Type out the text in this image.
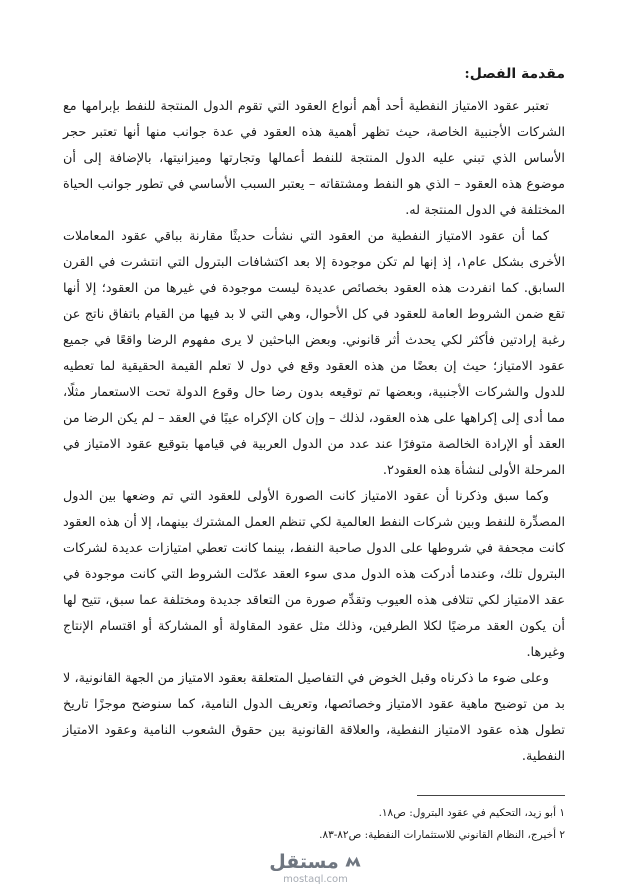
مقدمة الفصل:

تعتبر عقود الامتياز النفطية أحد أهم أنواع العقود التي تقوم الدول المنتجة للنفط بإبرامها مع الشركات الأجنبية الخاصة، حيث تظهر أهمية هذه العقود في عدة جوانب منها أنها تعتبر حجر الأساس الذي تبني عليه الدول المنتجة للنفط أعمالها وتجارتها وميزانيتها، بالإضافة إلى أن موضوع هذه العقود – الذي هو النفط ومشتقاته – يعتبر السبب الأساسي في تطور جوانب الحياة المختلفة في الدول المنتجة له.

كما أن عقود الامتياز النفطية من العقود التي نشأت حديثًا مقارنة بباقي عقود المعاملات الأخرى بشكل عام١، إذ إنها لم تكن موجودة إلا بعد اكتشافات البترول التي انتشرت في القرن السابق. كما انفردت هذه العقود بخصائص عديدة ليست موجودة في غيرها من العقود؛ إلا أنها تقع ضمن الشروط العامة للعقود في كل الأحوال، وهي التي لا بد فيها من القيام باتفاق ناتج عن رغبة إرادتين فأكثر لكي يحدث أثر قانوني. وبعض الباحثين لا يرى مفهوم الرضا واقعًا في جميع عقود الامتياز؛ حيث إن بعضًا من هذه العقود وقع في دول لا تعلم القيمة الحقيقية لما تعطيه للدول والشركات الأجنبية، وبعضها تم توقيعه بدون رضا حال وقوع الدولة تحت الاستعمار مثلًا، مما أدى إلى إكراهها على هذه العقود، لذلك – وإن كان الإكراه عيبًا في العقد – لم يكن الرضا من العقد أو الإرادة الخالصة متوفرًا عند عدد من الدول العربية في قيامها بتوقيع عقود الامتياز في المرحلة الأولى لنشأة هذه العقود٢.

وكما سبق وذكرنا أن عقود الامتياز كانت الصورة الأولى للعقود التي تم وضعها بين الدول المصدِّرة للنفط وبين شركات النفط العالمية لكي تنظم العمل المشترك بينهما، إلا أن هذه العقود كانت مجحفة في شروطها على الدول صاحبة النفط، بينما كانت تعطي امتيازات عديدة لشركات البترول تلك، وعندما أدركت هذه الدول مدى سوء العقد عدّلت الشروط التي كانت موجودة في عقد الامتياز لكي تتلافى هذه العيوب وتقدِّم صورة من التعاقد جديدة ومختلفة عما سبق، تتيح لها أن يكون العقد مرضيًا لكلا الطرفين، وذلك مثل عقود المقاولة أو المشاركة أو اقتسام الإنتاج وغيرها.

وعلى ضوء ما ذكرناه وقبل الخوض في التفاصيل المتعلقة بعقود الامتياز من الجهة القانونية، لا بد من توضيح ماهية عقود الامتياز وخصائصها، وتعريف الدول النامية، كما سنوضح موجزًا تاريخ تطول هذه عقود الامتياز النفطية، والعلاقة القانونية بين حقوق الشعوب النامية وعقود الامتياز النفطية.

١ أبو زيد، التحكيم في عقود البترول: ص١٨.

٢ أخيرج، النظام القانوني للاستثمارات النفطية: ص٨٢-٨٣.

مستقل
mostaql.com
